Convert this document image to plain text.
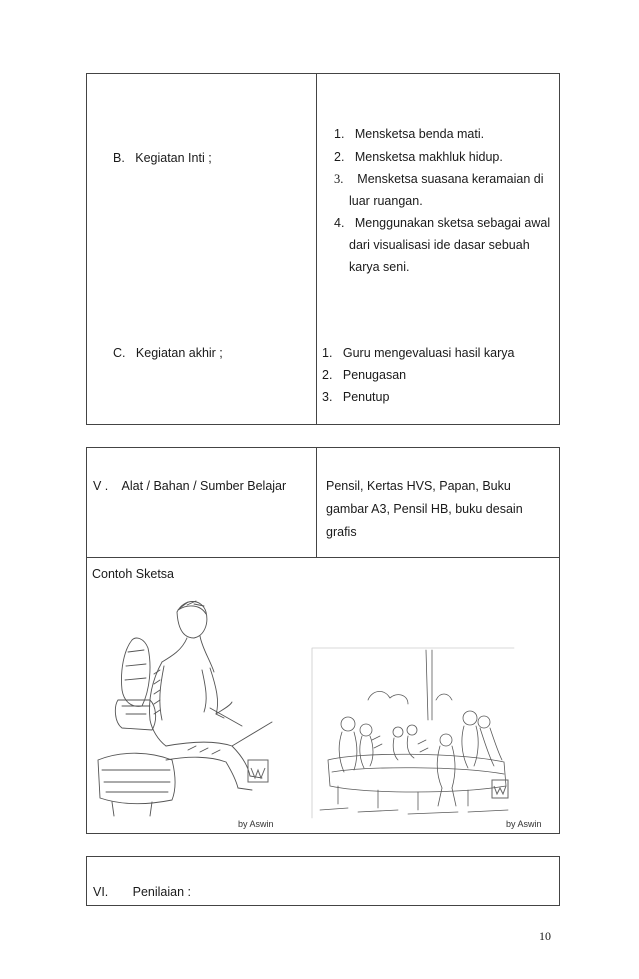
B. Kegiatan Inti ;
1. Mensketsa benda mati.
2. Mensketsa makhluk hidup.
3. Mensketsa suasana keramaian di
luar ruangan.
4. Menggunakan sketsa sebagai awal
dari visualisasi ide dasar sebuah
karya seni.
C. Kegiatan akhir ;	1. Guru mengevaluasi hasil karya
2. Penugasan
3. Penutup
V . Alat / Bahan / Sumber Belajar	Pensil, Kertas HVS, Papan, Buku
gambar A3, Pensil HB, buku desain
grafis
Contoh Sketsa
by Aswin	by Aswin
VI. Penilaian :
10
